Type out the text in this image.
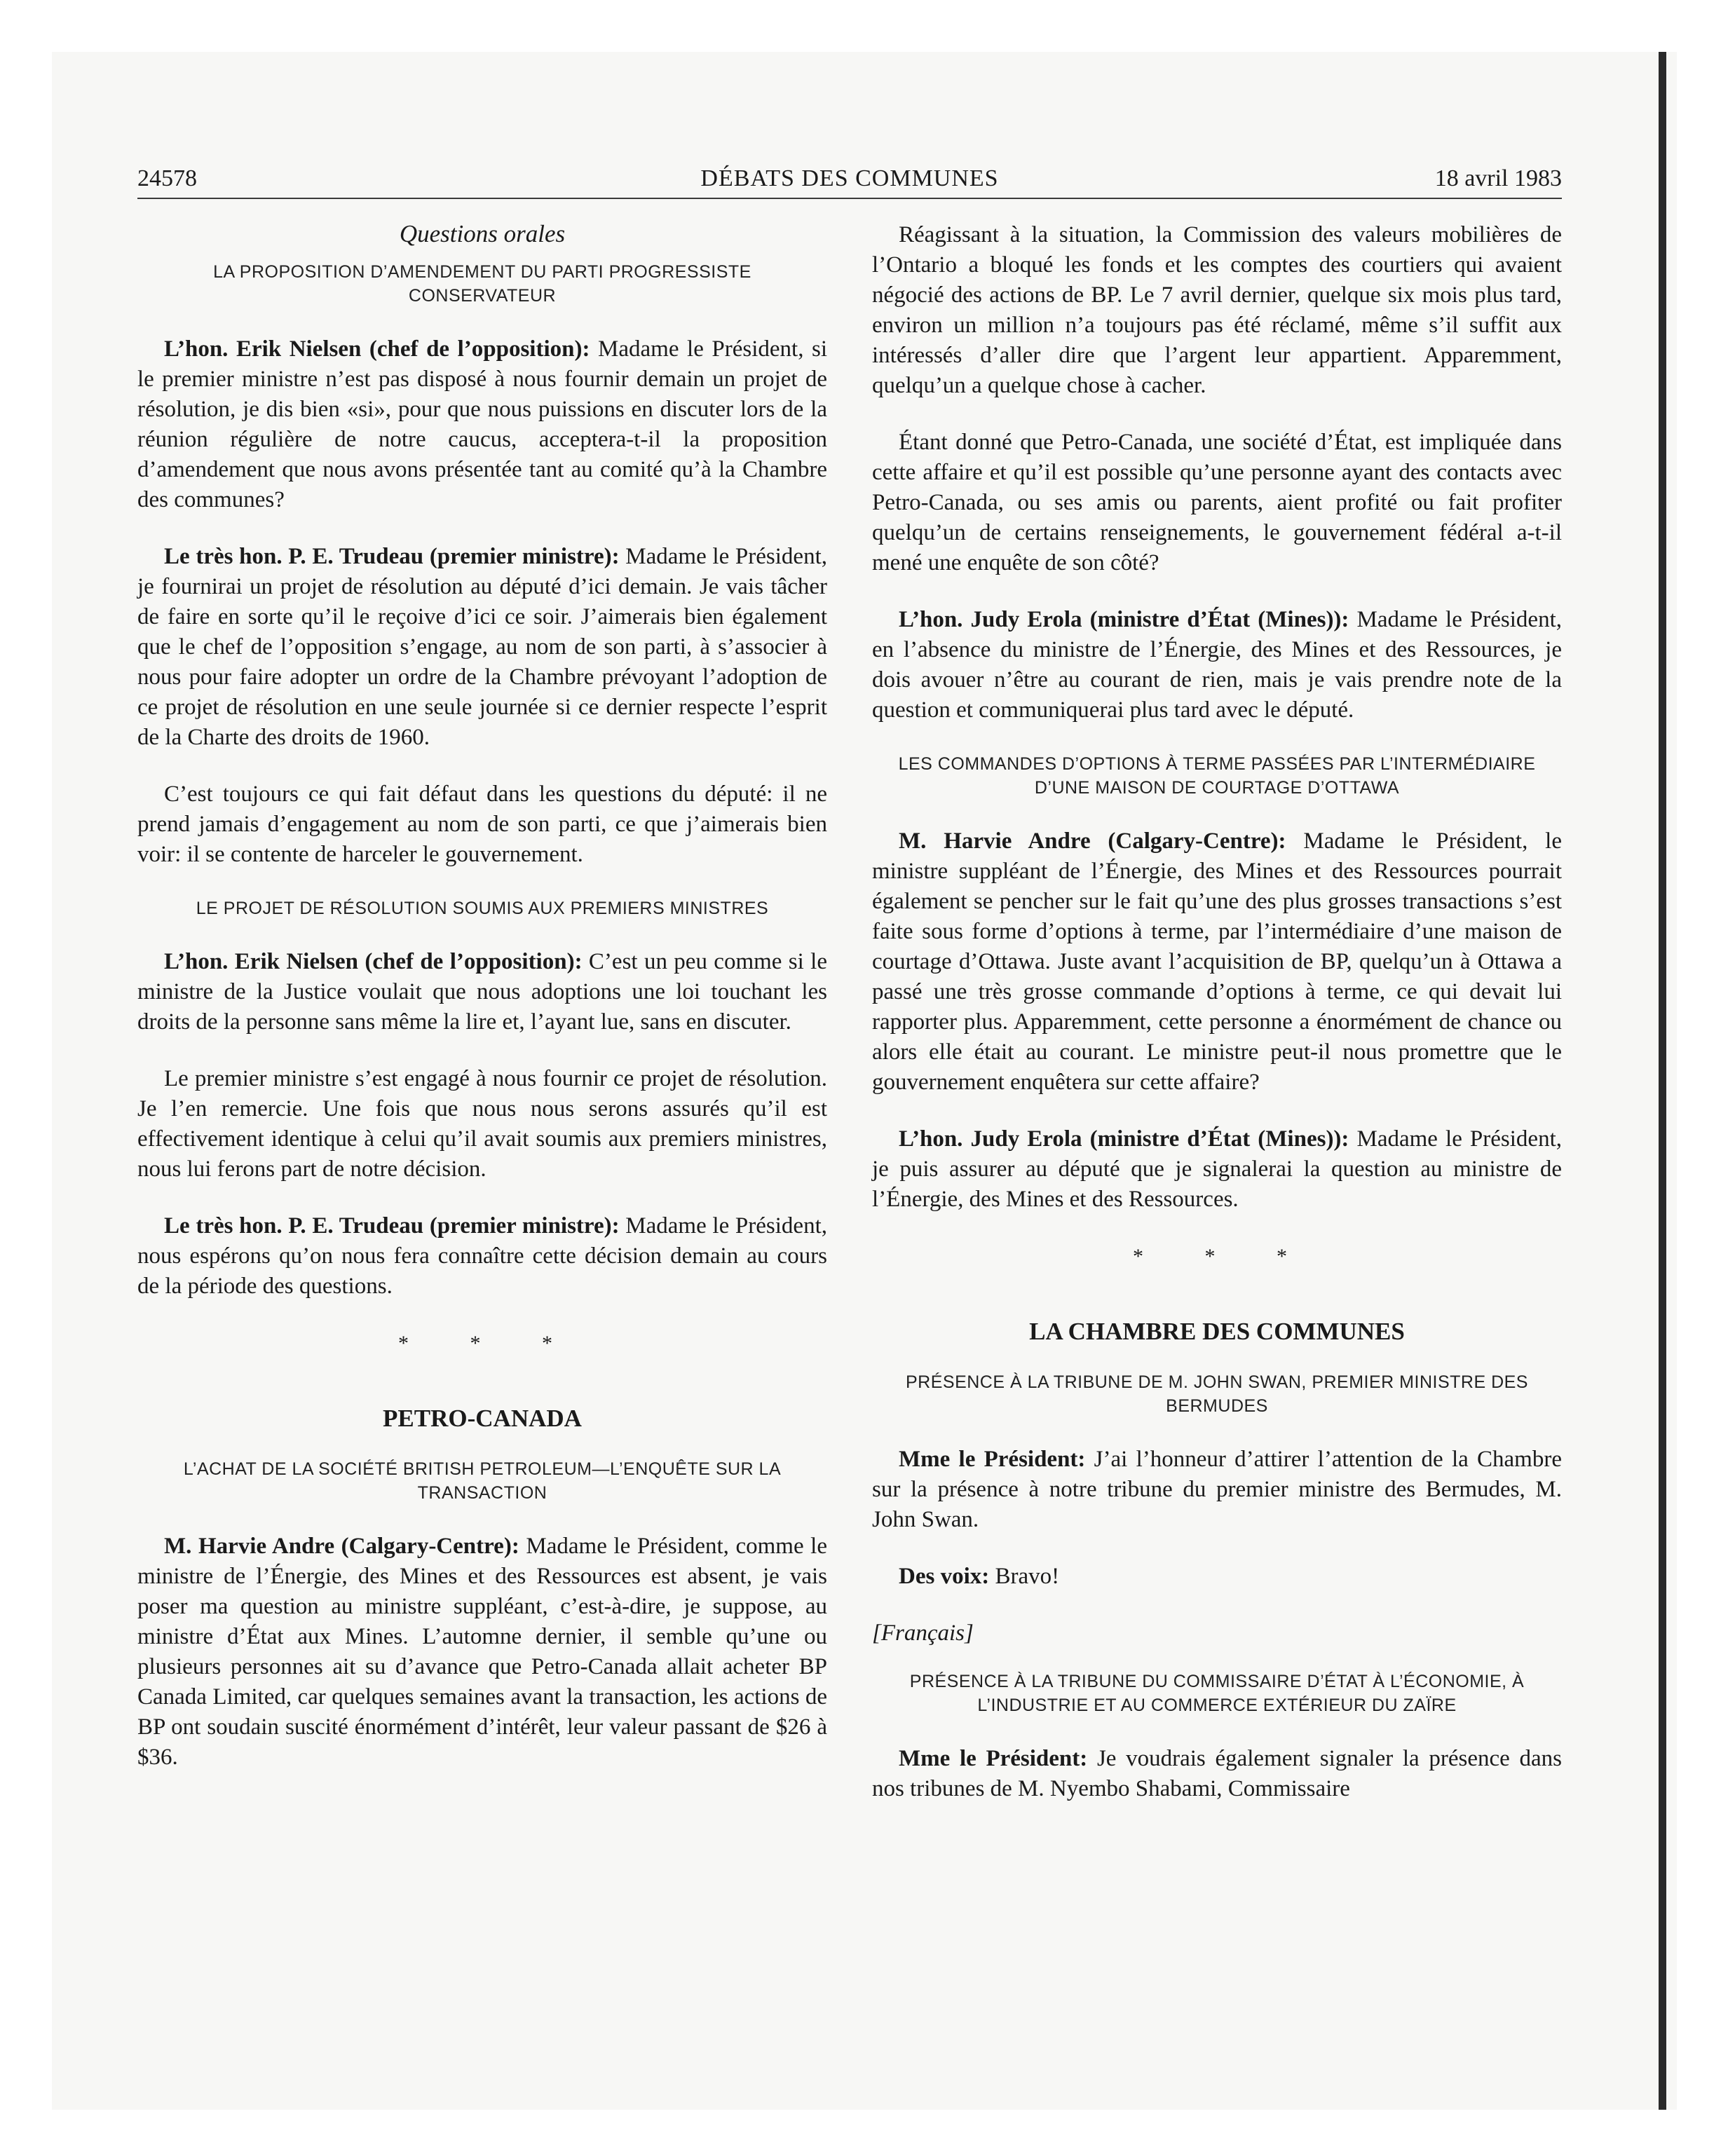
24578	DÉBATS DES COMMUNES	18 avril 1983
Questions orales
LA PROPOSITION D’AMENDEMENT DU PARTI PROGRESSISTE CONSERVATEUR

L’hon. Erik Nielsen (chef de l’opposition): Madame le Président, si le premier ministre n’est pas disposé à nous fournir demain un projet de résolution, je dis bien «si», pour que nous puissions en discuter lors de la réunion régulière de notre caucus, acceptera-t-il la proposition d’amendement que nous avons présentée tant au comité qu’à la Chambre des communes?

Le très hon. P. E. Trudeau (premier ministre): Madame le Président, je fournirai un projet de résolution au député d’ici demain. Je vais tâcher de faire en sorte qu’il le reçoive d’ici ce soir. J’aimerais bien également que le chef de l’opposition s’engage, au nom de son parti, à s’associer à nous pour faire adopter un ordre de la Chambre prévoyant l’adoption de ce projet de résolution en une seule journée si ce dernier respecte l’esprit de la Charte des droits de 1960.

C’est toujours ce qui fait défaut dans les questions du député: il ne prend jamais d’engagement au nom de son parti, ce que j’aimerais bien voir: il se contente de harceler le gouvernement.

LE PROJET DE RÉSOLUTION SOUMIS AUX PREMIERS MINISTRES

L’hon. Erik Nielsen (chef de l’opposition): C’est un peu comme si le ministre de la Justice voulait que nous adoptions une loi touchant les droits de la personne sans même la lire et, l’ayant lue, sans en discuter.

Le premier ministre s’est engagé à nous fournir ce projet de résolution. Je l’en remercie. Une fois que nous nous serons assurés qu’il est effectivement identique à celui qu’il avait soumis aux premiers ministres, nous lui ferons part de notre décision.

Le très hon. P. E. Trudeau (premier ministre): Madame le Président, nous espérons qu’on nous fera connaître cette décision demain au cours de la période des questions.

* * *
PETRO-CANADA
L’ACHAT DE LA SOCIÉTÉ BRITISH PETROLEUM—L’ENQUÊTE SUR LA TRANSACTION

M. Harvie Andre (Calgary-Centre): Madame le Président, comme le ministre de l’Énergie, des Mines et des Ressources est absent, je vais poser ma question au ministre suppléant, c’est-à-dire, je suppose, au ministre d’État aux Mines. L’automne dernier, il semble qu’une ou plusieurs personnes ait su d’avance que Petro-Canada allait acheter BP Canada Limited, car quelques semaines avant la transaction, les actions de BP ont soudain suscité énormément d’intérêt, leur valeur passant de $26 à $36.

Réagissant à la situation, la Commission des valeurs mobilières de l’Ontario a bloqué les fonds et les comptes des courtiers qui avaient négocié des actions de BP. Le 7 avril dernier, quelque six mois plus tard, environ un million n’a toujours pas été réclamé, même s’il suffit aux intéressés d’aller dire que l’argent leur appartient. Apparemment, quelqu’un a quelque chose à cacher.

Étant donné que Petro-Canada, une société d’État, est impliquée dans cette affaire et qu’il est possible qu’une personne ayant des contacts avec Petro-Canada, ou ses amis ou parents, aient profité ou fait profiter quelqu’un de certains renseignements, le gouvernement fédéral a-t-il mené une enquête de son côté?

L’hon. Judy Erola (ministre d’État (Mines)): Madame le Président, en l’absence du ministre de l’Énergie, des Mines et des Ressources, je dois avouer n’être au courant de rien, mais je vais prendre note de la question et communiquerai plus tard avec le député.

LES COMMANDES D’OPTIONS À TERME PASSÉES PAR L’INTERMÉDIAIRE D’UNE MAISON DE COURTAGE D’OTTAWA

M. Harvie Andre (Calgary-Centre): Madame le Président, le ministre suppléant de l’Énergie, des Mines et des Ressources pourrait également se pencher sur le fait qu’une des plus grosses transactions s’est faite sous forme d’options à terme, par l’intermédiaire d’une maison de courtage d’Ottawa. Juste avant l’acquisition de BP, quelqu’un à Ottawa a passé une très grosse commande d’options à terme, ce qui devait lui rapporter plus. Apparemment, cette personne a énormément de chance ou alors elle était au courant. Le ministre peut-il nous promettre que le gouvernement enquêtera sur cette affaire?

L’hon. Judy Erola (ministre d’État (Mines)): Madame le Président, je puis assurer au député que je signalerai la question au ministre de l’Énergie, des Mines et des Ressources.

* * *
LA CHAMBRE DES COMMUNES
PRÉSENCE À LA TRIBUNE DE M. JOHN SWAN, PREMIER MINISTRE DES BERMUDES

Mme le Président: J’ai l’honneur d’attirer l’attention de la Chambre sur la présence à notre tribune du premier ministre des Bermudes, M. John Swan.

Des voix: Bravo!

[Français]

PRÉSENCE À LA TRIBUNE DU COMMISSAIRE D’ÉTAT À L’ÉCONOMIE, À L’INDUSTRIE ET AU COMMERCE EXTÉRIEUR DU ZAÏRE

Mme le Président: Je voudrais également signaler la présence dans nos tribunes de M. Nyembo Shabami, Commissaire
